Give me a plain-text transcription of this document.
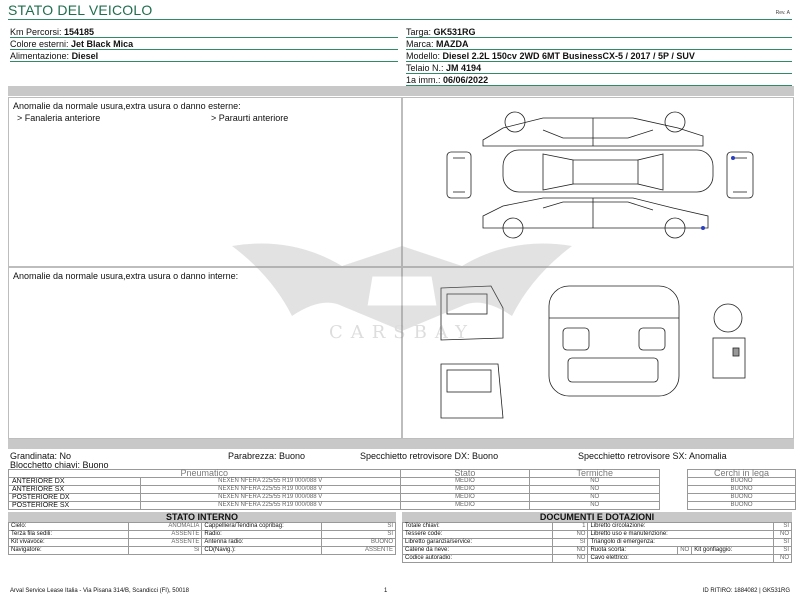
STATO DEL VEICOLO	Rev. A
Km Percorsi: 154185
Colore esterni: Jet Black Mica
Alimentazione: Diesel
Targa: GK531RG
Marca: MAZDA
Modello: Diesel 2.2L 150cv 2WD 6MT BusinessCX-5 / 2017 / 5P / SUV
Telaio N.: JM 4194
1a imm.: 06/06/2022
Anomalie da normale usura,extra usura o danno esterne:
> Fanaleria anteriore	> Paraurti anteriore
Anomalie da normale usura,extra usura o danno interne:
CARSBAY
Grandinata: No	Parabrezza: Buono	Specchietto retrovisore DX: Buono	Specchietto retrovisore SX: Anomalia
Blocchetto chiavi: Buono
Pneumatico		Stato	Termiche		Cerchi in lega
ANTERIORE DX	NEXEN NFERA 225/55 R19 000/088 V	MEDIO	NO		BUONO
ANTERIORE SX	NEXEN NFERA 225/55 R19 000/088 V	MEDIO	NO		BUONO
POSTERIORE DX	NEXEN NFERA 225/55 R19 000/088 V	MEDIO	NO		BUONO
POSTERIORE SX	NEXEN NFERA 225/55 R19 000/088 V	MEDIO	NO		BUONO
STATO INTERNO
Cielo:	ANOMALIA	Cappelliera/Tendina copribag:	SI
Terza fila sedili:	ASSENTE	Radio:	SI
Kit vivavoce:	ASSENTE	Antenna radio:	BUONO
Navigatore:	Si	CD(Navig.):	ASSENTE
DOCUMENTI E DOTAZIONI
Totale chiavi:	1	Libretto circolazione:			SI
Tessere code:	NO	Libretto uso e manutenzione:			NO
Libretto garanzia/service:	SI	Triangolo di emergenza:			SI
Catene da neve:	NO	Ruota scorta:	NO	Kit gonfiaggio:	SI
Codice autoradio:	NO	Cavo elettrico:			NO
Arval Service Lease Italia - Via Pisana 314/B, Scandicci (FI), 50018	1	ID RITIRO: 1884082 | GK531RG
